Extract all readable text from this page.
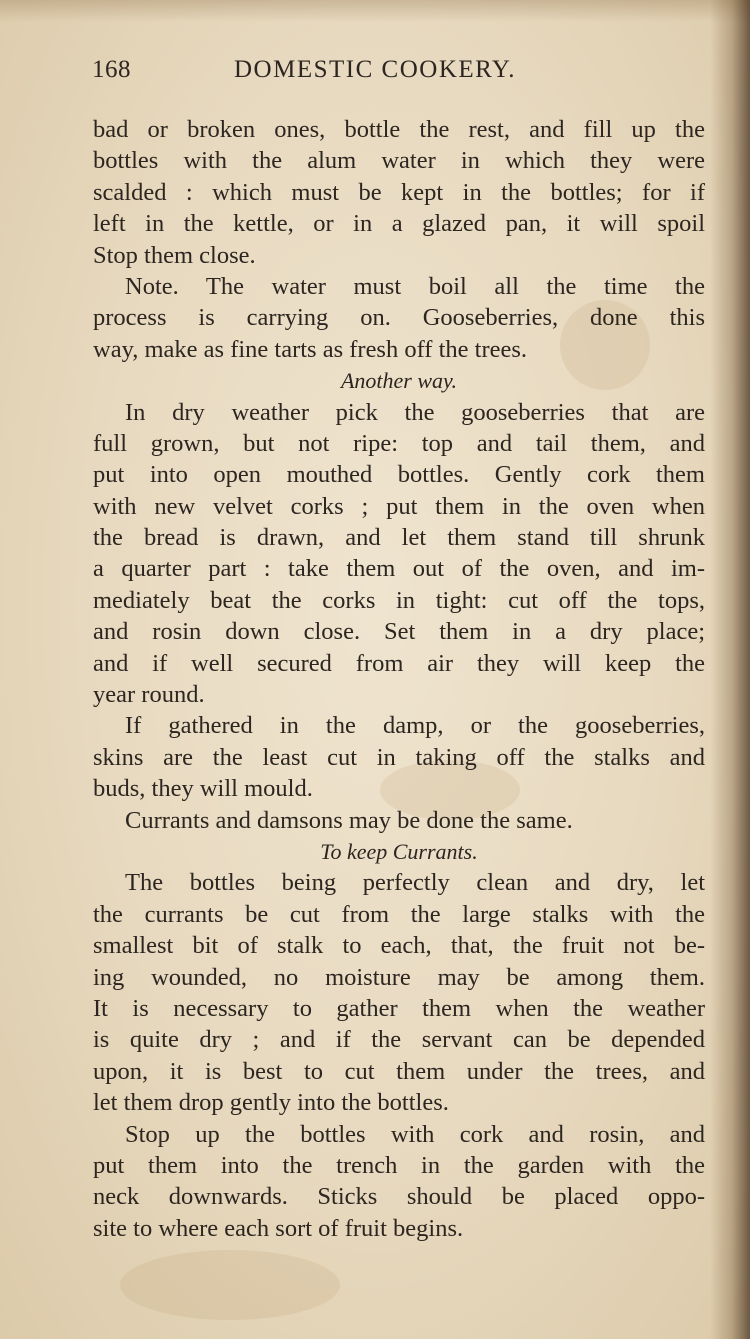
168	DOMESTIC COOKERY.
bad or broken ones, bottle the rest, and fill up the
bottles with the alum water in which they were
scalded : which must be kept in the bottles; for if
left in the kettle, or in a glazed pan, it will spoil
Stop them close.
Note. The water must boil all the time the
process is carrying on. Gooseberries, done this
way, make as fine tarts as fresh off the trees.
Another way.
In dry weather pick the gooseberries that are
full grown, but not ripe: top and tail them, and
put into open mouthed bottles. Gently cork them
with new velvet corks ; put them in the oven when
the bread is drawn, and let them stand till shrunk
a quarter part : take them out of the oven, and im-
mediately beat the corks in tight: cut off the tops,
and rosin down close. Set them in a dry place;
and if well secured from air they will keep the
year round.
If gathered in the damp, or the gooseberries,
skins are the least cut in taking off the stalks and
buds, they will mould.
Currants and damsons may be done the same.
To keep Currants.
The bottles being perfectly clean and dry, let
the currants be cut from the large stalks with the
smallest bit of stalk to each, that, the fruit not be-
ing wounded, no moisture may be among them.
It is necessary to gather them when the weather
is quite dry ; and if the servant can be depended
upon, it is best to cut them under the trees, and
let them drop gently into the bottles.
Stop up the bottles with cork and rosin, and
put them into the trench in the garden with the
neck downwards. Sticks should be placed oppo-
site to where each sort of fruit begins.
